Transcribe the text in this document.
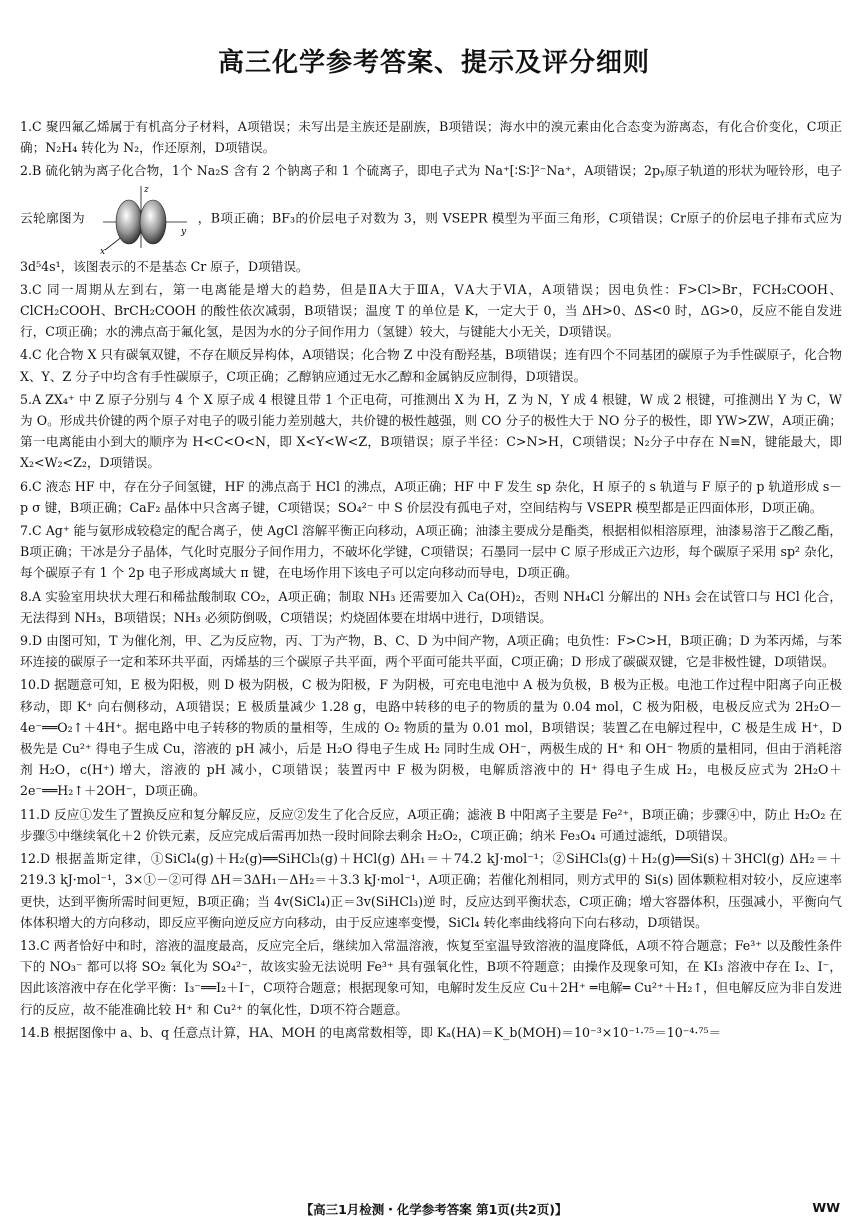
高三化学参考答案、提示及评分细则

1.C 聚四氟乙烯属于有机高分子材料，A项错误；未写出是主族还是副族，B项错误；海水中的溴元素由化合态变为游离态，有化合价变化，C项正确；N₂H₄ 转化为 N₂，作还原剂，D项错误。

2.B 硫化钠为离子化合物，1个 Na₂S 含有 2 个钠离子和 1 个硫离子，即电子式为 Na⁺[∶S∶]²⁻Na⁺，A项错误；2pᵧ原子轨道的形状为哑铃形，电子云轮廓图为
z
y
x
，B项正确；BF₃的价层电子对数为 3，则 VSEPR 模型为平面三角形，C项错误；Cr原子的价层电子排布式应为 3d⁵4s¹，该图表示的不是基态 Cr 原子，D项错误。

3.C 同一周期从左到右，第一电离能是增大的趋势，但是ⅡA大于ⅢA，ⅤA大于ⅥA，A项错误；因电负性：F>Cl>Br，FCH₂COOH、ClCH₂COOH、BrCH₂COOH 的酸性依次减弱，B项错误；温度 T 的单位是 K，一定大于 0，当 ΔH>0、ΔS<0 时，ΔG>0，反应不能自发进行，C项正确；水的沸点高于氟化氢，是因为水的分子间作用力（氢键）较大，与键能大小无关，D项错误。

4.C 化合物 X 只有碳氧双键，不存在顺反异构体，A项错误；化合物 Z 中没有酚羟基，B项错误；连有四个不同基团的碳原子为手性碳原子，化合物 X、Y、Z 分子中均含有手性碳原子，C项正确；乙醇钠应通过无水乙醇和金属钠反应制得，D项错误。

5.A ZX₄⁺ 中 Z 原子分别与 4 个 X 原子成 4 根键且带 1 个正电荷，可推测出 X 为 H，Z 为 N，Y 成 4 根键，W 成 2 根键，可推测出 Y 为 C，W 为 O。形成共价键的两个原子对电子的吸引能力差别越大，共价键的极性越强，则 CO 分子的极性大于 NO 分子的极性，即 YW>ZW，A项正确；第一电离能由小到大的顺序为 H<C<O<N，即 X<Y<W<Z，B项错误；原子半径：C>N>H，C项错误；N₂分子中存在 N≡N，键能最大，即 X₂<W₂<Z₂，D项错误。

6.C 液态 HF 中，存在分子间氢键，HF 的沸点高于 HCl 的沸点，A项正确；HF 中 F 发生 sp 杂化，H 原子的 s 轨道与 F 原子的 p 轨道形成 s－p σ 键，B项正确；CaF₂ 晶体中只含离子键，C项错误；SO₄²⁻ 中 S 价层没有孤电子对，空间结构与 VSEPR 模型都是正四面体形，D项正确。

7.C Ag⁺ 能与氨形成较稳定的配合离子，使 AgCl 溶解平衡正向移动，A项正确；油漆主要成分是酯类，根据相似相溶原理，油漆易溶于乙酸乙酯，B项正确；干冰是分子晶体，气化时克服分子间作用力，不破坏化学键，C项错误；石墨同一层中 C 原子形成正六边形，每个碳原子采用 sp² 杂化，每个碳原子有 1 个 2p 电子形成离域大 π 键，在电场作用下该电子可以定向移动而导电，D项正确。

8.A 实验室用块状大理石和稀盐酸制取 CO₂，A项正确；制取 NH₃ 还需要加入 Ca(OH)₂，否则 NH₄Cl 分解出的 NH₃ 会在试管口与 HCl 化合，无法得到 NH₃，B项错误；NH₃ 必须防倒吸，C项错误；灼烧固体要在坩埚中进行，D项错误。

9.D 由图可知，T 为催化剂，甲、乙为反应物，丙、丁为产物，B、C、D 为中间产物，A项正确；电负性：F>C>H，B项正确；D 为苯丙烯，与苯环连接的碳原子一定和苯环共平面，丙烯基的三个碳原子共平面，两个平面可能共平面，C项正确；D 形成了碳碳双键，它是非极性键，D项错误。

10.D 据题意可知，E 极为阳极，则 D 极为阴极，C 极为阳极，F 为阴极，可充电电池中 A 极为负极，B 极为正极。电池工作过程中阳离子向正极移动，即 K⁺ 向右侧移动，A项错误；E 极质量减少 1.28 g，电路中转移的电子的物质的量为 0.04 mol，C 极为阳极，电极反应式为 2H₂O－4e⁻══O₂↑＋4H⁺。据电路中电子转移的物质的量相等，生成的 O₂ 物质的量为 0.01 mol，B项错误；装置乙在电解过程中，C 极是生成 H⁺，D 极先是 Cu²⁺ 得电子生成 Cu，溶液的 pH 减小，后是 H₂O 得电子生成 H₂ 同时生成 OH⁻，两极生成的 H⁺ 和 OH⁻ 物质的量相同，但由于消耗溶剂 H₂O，c(H⁺) 增大，溶液的 pH 减小，C项错误；装置丙中 F 极为阴极，电解质溶液中的 H⁺ 得电子生成 H₂，电极反应式为 2H₂O＋2e⁻══H₂↑＋2OH⁻，D项正确。

11.D 反应①发生了置换反应和复分解反应，反应②发生了化合反应，A项正确；滤液 B 中阳离子主要是 Fe²⁺，B项正确；步骤④中，防止 H₂O₂ 在步骤⑤中继续氧化＋2 价铁元素，反应完成后需再加热一段时间除去剩余 H₂O₂，C项正确；纳米 Fe₃O₄ 可通过滤纸，D项错误。

12.D 根据盖斯定律，①SiCl₄(g)＋H₂(g)══SiHCl₃(g)＋HCl(g) ΔH₁＝＋74.2 kJ·mol⁻¹；②SiHCl₃(g)＋H₂(g)══Si(s)＋3HCl(g) ΔH₂＝＋219.3 kJ·mol⁻¹，3×①－②可得 ΔH＝3ΔH₁－ΔH₂＝＋3.3 kJ·mol⁻¹，A项正确；若催化剂相同，则方式甲的 Si(s) 固体颗粒相对较小，反应速率更快，达到平衡所需时间更短，B项正确；当 4v(SiCl₄)正＝3v(SiHCl₃)逆 时，反应达到平衡状态，C项正确；增大容器体积，压强减小，平衡向气体体积增大的方向移动，即反应平衡向逆反应方向移动，由于反应速率变慢，SiCl₄ 转化率曲线将向下向右移动，D项错误。

13.C 两者恰好中和时，溶液的温度最高，反应完全后，继续加入常温溶液，恢复至室温导致溶液的温度降低，A项不符合题意；Fe³⁺ 以及酸性条件下的 NO₃⁻ 都可以将 SO₂ 氧化为 SO₄²⁻，故该实验无法说明 Fe³⁺ 具有强氧化性，B项不符题意；由操作及现象可知，在 KI₃ 溶液中存在 I₂、I⁻，因此该溶液中存在化学平衡：I₃⁻══I₂＋I⁻，C项符合题意；根据现象可知，电解时发生反应 Cu＋2H⁺ ═电解═ Cu²⁺＋H₂↑，但电解反应为非自发进行的反应，故不能准确比较 H⁺ 和 Cu²⁺ 的氧化性，D项不符合题意。

14.B 根据图像中 a、b、q 任意点计算，HA、MOH 的电离常数相等，即 Kₐ(HA)＝K_b(MOH)＝10⁻³×10⁻¹·⁷⁵＝10⁻⁴·⁷⁵＝

【高三1月检测・化学参考答案 第1页(共2页)】	WW
